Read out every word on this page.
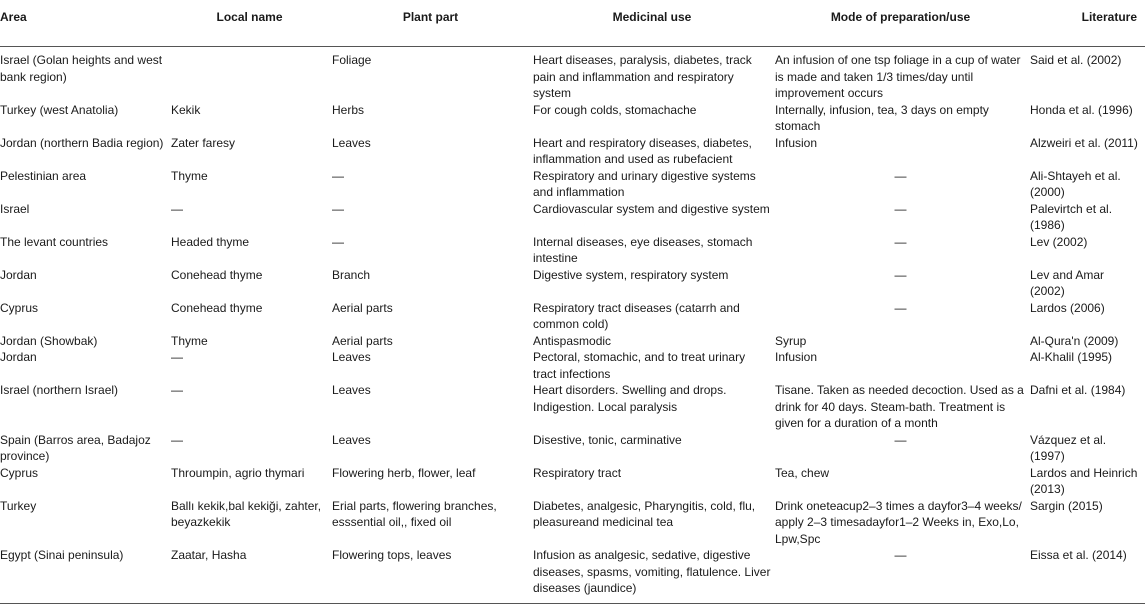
Area	Local name	Plant part	Medicinal use	Mode of preparation/use	Literature
Israel (Golan heights and west bank region)		Foliage	Heart diseases, paralysis, diabetes, track pain and inflammation and respiratory system	An infusion of one tsp foliage in a cup of water is made and taken 1/3 times/day until improvement occurs	Said et al. (2002)
Turkey (west Anatolia)	Kekik	Herbs	For cough colds, stomachache	Internally, infusion, tea, 3 days on empty stomach	Honda et al. (1996)
Jordan (northern Badia region)	Zater faresy	Leaves	Heart and respiratory diseases, diabetes, inflammation and used as rubefacient	Infusion	Alzweiri et al. (2011)
Pelestinian area	Thyme	—	Respiratory and urinary digestive systems and inflammation	—	Ali-Shtayeh et al. (2000)
Israel	—	—	Cardiovascular system and digestive system	—	Palevirtch et al. (1986)
The levant countries	Headed thyme	—	Internal diseases, eye diseases, stomach intestine	—	Lev (2002)
Jordan	Conehead thyme	Branch	Digestive system, respiratory system	—	Lev and Amar (2002)
Cyprus	Conehead thyme	Aerial parts	Respiratory tract diseases (catarrh and common cold)	—	Lardos (2006)
Jordan (Showbak)	Thyme	Aerial parts	Antispasmodic	Syrup	Al-Qura'n (2009)
Jordan	—	Leaves	Pectoral, stomachic, and to treat urinary tract infections	Infusion	Al-Khalil (1995)
Israel (northern Israel)	—	Leaves	Heart disorders. Swelling and drops. Indigestion. Local paralysis	Tisane. Taken as needed decoction. Used as a drink for 40 days. Steam-bath. Treatment is given for a duration of a month	Dafni et al. (1984)
Spain (Barros area, Badajoz province)	—	Leaves	Disestive, tonic, carminative	—	Vázquez et al. (1997)
Cyprus	Throumpin, agrio thymari	Flowering herb, flower, leaf	Respiratory tract	Tea, chew	Lardos and Heinrich (2013)
Turkey	Ballı kekik,bal kekiği, zahter, beyazkekik	Erial parts, flowering branches, esssential oil,, fixed oil	Diabetes, analgesic, Pharyngitis, cold, flu, pleasureand medicinal tea	Drink oneteacup2–3 times a dayfor3–4 weeks/ apply 2–3 timesadayfor1–2 Weeks in, Exo,Lo, Lpw,Spc	Sargin (2015)
Egypt (Sinai peninsula)	Zaatar, Hasha	Flowering tops, leaves	Infusion as analgesic, sedative, digestive diseases, spasms, vomiting, flatulence. Liver diseases (jaundice)	—	Eissa et al. (2014)
